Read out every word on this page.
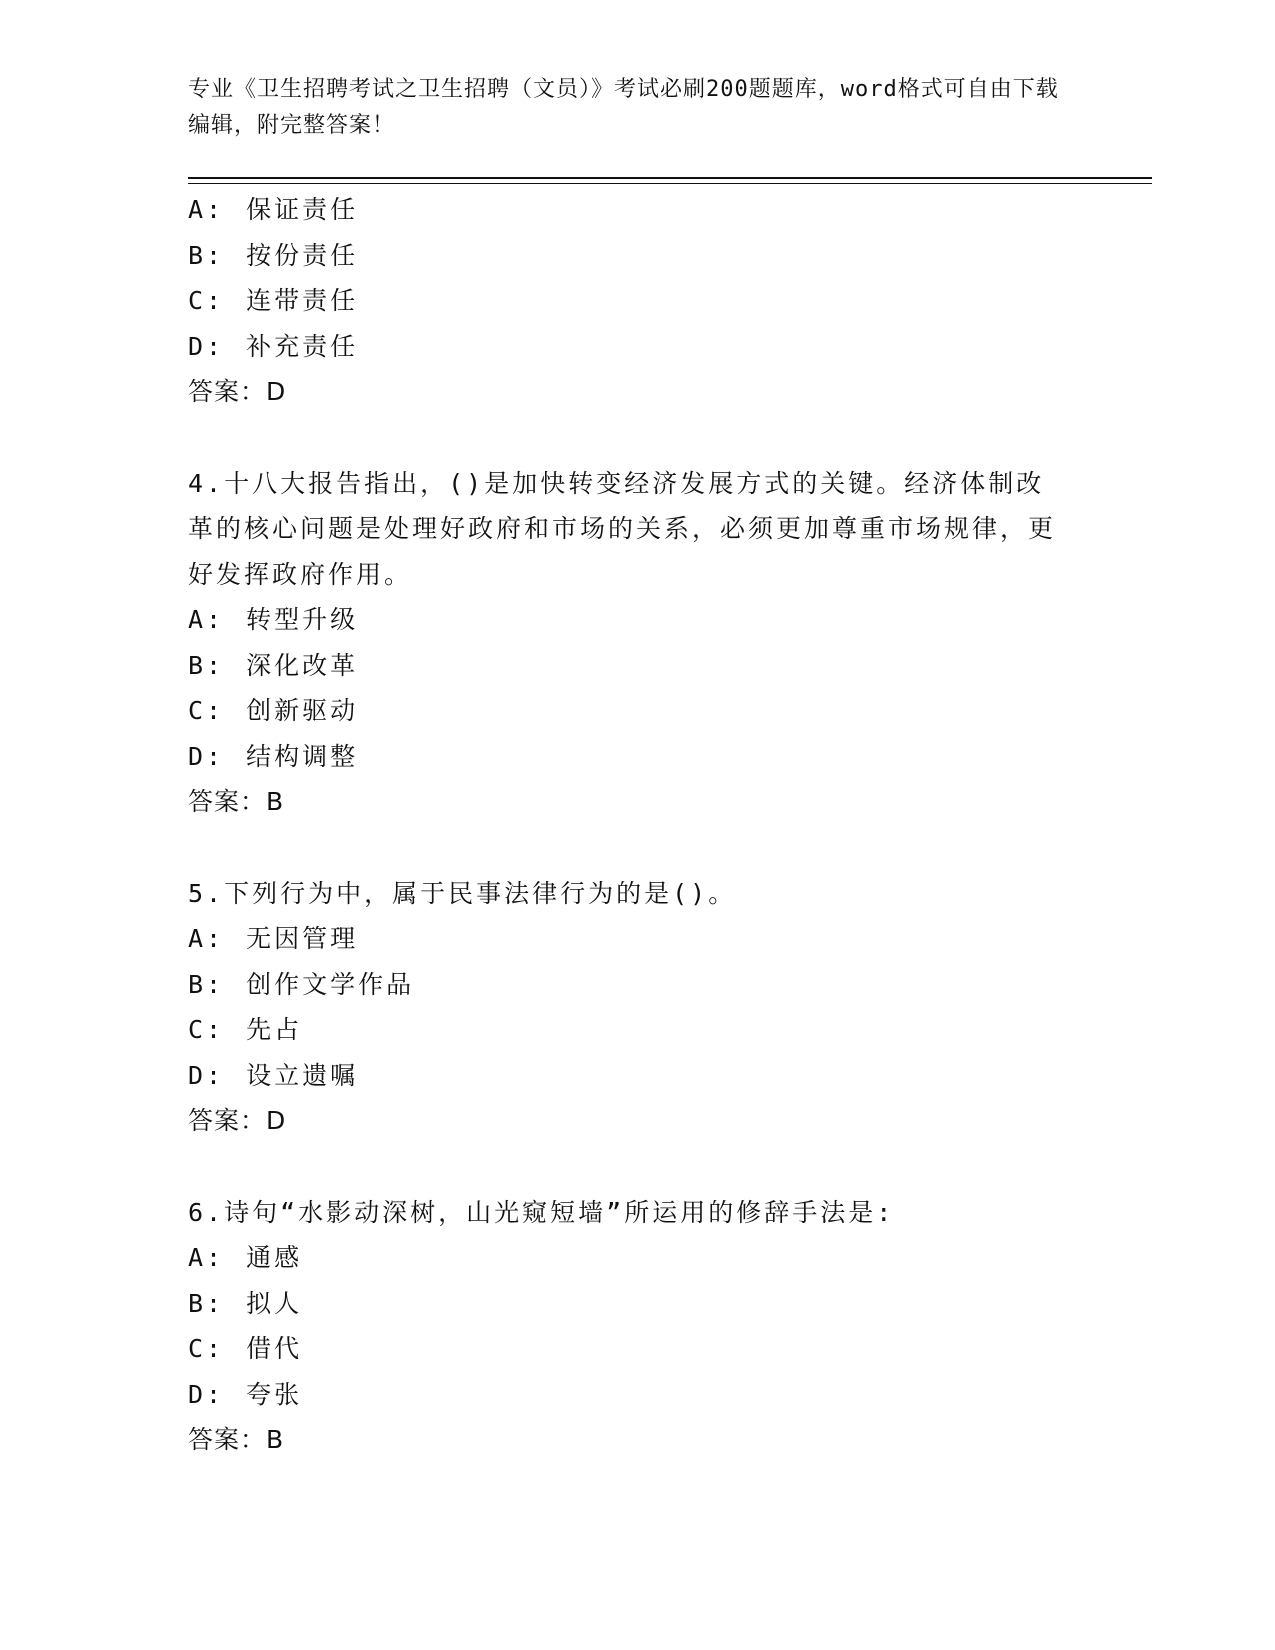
专业《卫生招聘考试之卫生招聘（文员）》考试必刷200题题库，word格式可自由下载编辑，附完整答案！
A: 保证责任
B: 按份责任
C: 连带责任
D: 补充责任
答案：D
4.十八大报告指出，()是加快转变经济发展方式的关键。经济体制改革的核心问题是处理好政府和市场的关系，必须更加尊重市场规律，更好发挥政府作用。
A: 转型升级
B: 深化改革
C: 创新驱动
D: 结构调整
答案：B
5.下列行为中，属于民事法律行为的是()。
A: 无因管理
B: 创作文学作品
C: 先占
D: 设立遗嘱
答案：D
6.诗句“水影动深树，山光窥短墙”所运用的修辞手法是:
A: 通感
B: 拟人
C: 借代
D: 夸张
答案：B
